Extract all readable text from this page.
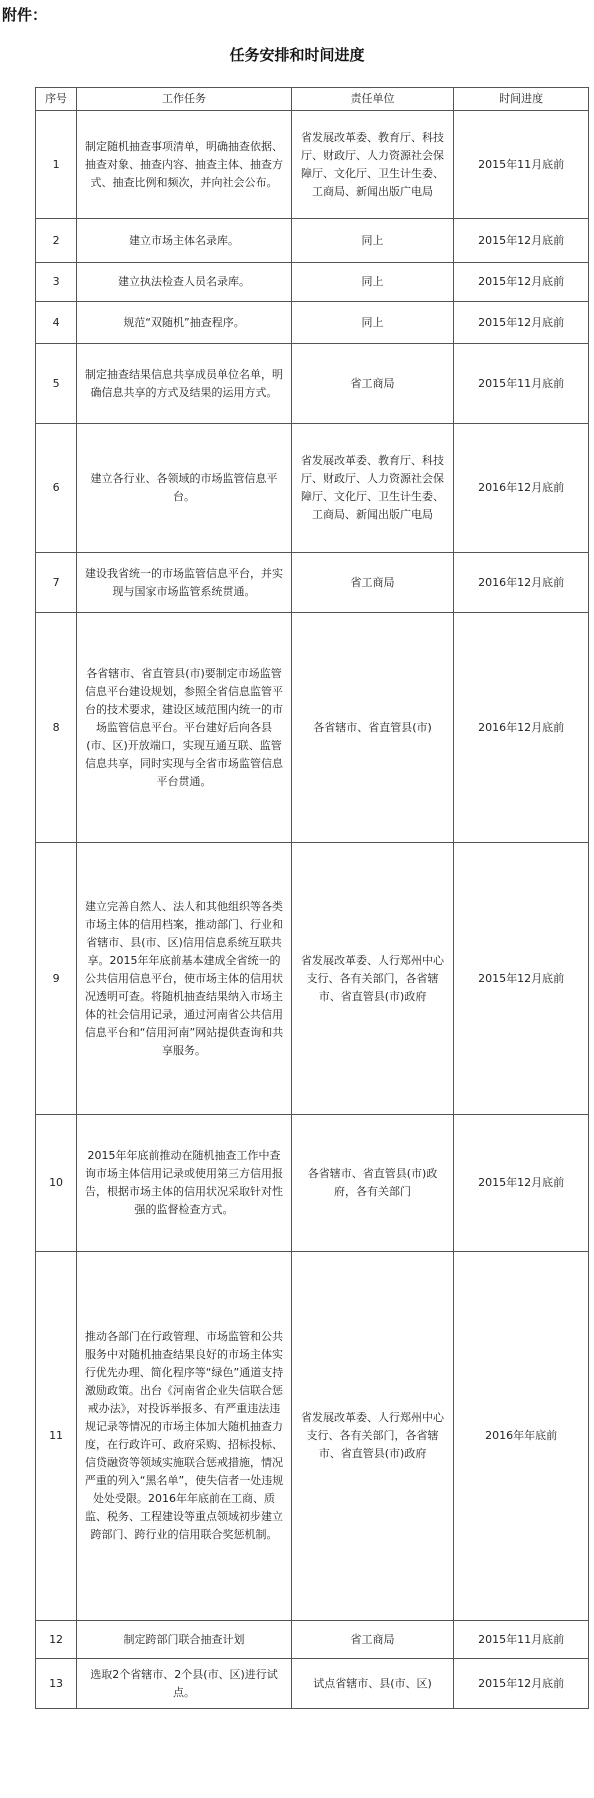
附件：
任务安排和时间进度
序号	工作任务	责任单位	时间进度
1	制定随机抽查事项清单，明确抽查依据、抽查对象、抽查内容、抽查主体、抽查方式、抽查比例和频次，并向社会公布。	省发展改革委、教育厅、科技厅、财政厅、人力资源社会保障厅、文化厅、卫生计生委、工商局、新闻出版广电局	2015年11月底前
2	建立市场主体名录库。	同上	2015年12月底前
3	建立执法检查人员名录库。	同上	2015年12月底前
4	规范“双随机”抽查程序。	同上	2015年12月底前
5	制定抽查结果信息共享成员单位名单，明确信息共享的方式及结果的运用方式。	省工商局	2015年11月底前
6	建立各行业、各领域的市场监管信息平台。	省发展改革委、教育厅、科技厅、财政厅、人力资源社会保障厅、文化厅、卫生计生委、工商局、新闻出版广电局	2016年12月底前
7	建设我省统一的市场监管信息平台，并实现与国家市场监管系统贯通。	省工商局	2016年12月底前
8	各省辖市、省直管县(市)要制定市场监管信息平台建设规划，参照全省信息监管平台的技术要求，建设区域范围内统一的市场监管信息平台。平台建好后向各县(市、区)开放端口，实现互通互联、监管信息共享，同时实现与全省市场监管信息平台贯通。	各省辖市、省直管县(市)	2016年12月底前
9	建立完善自然人、法人和其他组织等各类市场主体的信用档案，推动部门、行业和省辖市、县(市、区)信用信息系统互联共享。2015年年底前基本建成全省统一的公共信用信息平台，使市场主体的信用状况透明可查。将随机抽查结果纳入市场主体的社会信用记录，通过河南省公共信用信息平台和“信用河南”网站提供查询和共享服务。	省发展改革委、人行郑州中心支行、各有关部门，各省辖市、省直管县(市)政府	2015年12月底前
10	2015年年底前推动在随机抽查工作中查询市场主体信用记录或使用第三方信用报告，根据市场主体的信用状况采取针对性强的监督检查方式。	各省辖市、省直管县(市)政府，各有关部门	2015年12月底前
11	推动各部门在行政管理、市场监管和公共服务中对随机抽查结果良好的市场主体实行优先办理、简化程序等“绿色”通道支持激励政策。出台《河南省企业失信联合惩戒办法》，对投诉举报多、有严重违法违规记录等情况的市场主体加大随机抽查力度，在行政许可、政府采购、招标投标、信贷融资等领域实施联合惩戒措施，情况严重的列入“黑名单”，使失信者一处违规处处受限。2016年年底前在工商、质监、税务、工程建设等重点领域初步建立跨部门、跨行业的信用联合奖惩机制。	省发展改革委、人行郑州中心支行、各有关部门，各省辖市、省直管县(市)政府	2016年年底前
12	制定跨部门联合抽查计划	省工商局	2015年11月底前
13	选取2个省辖市、2个县(市、区)进行试点。	试点省辖市、县(市、区)	2015年12月底前
